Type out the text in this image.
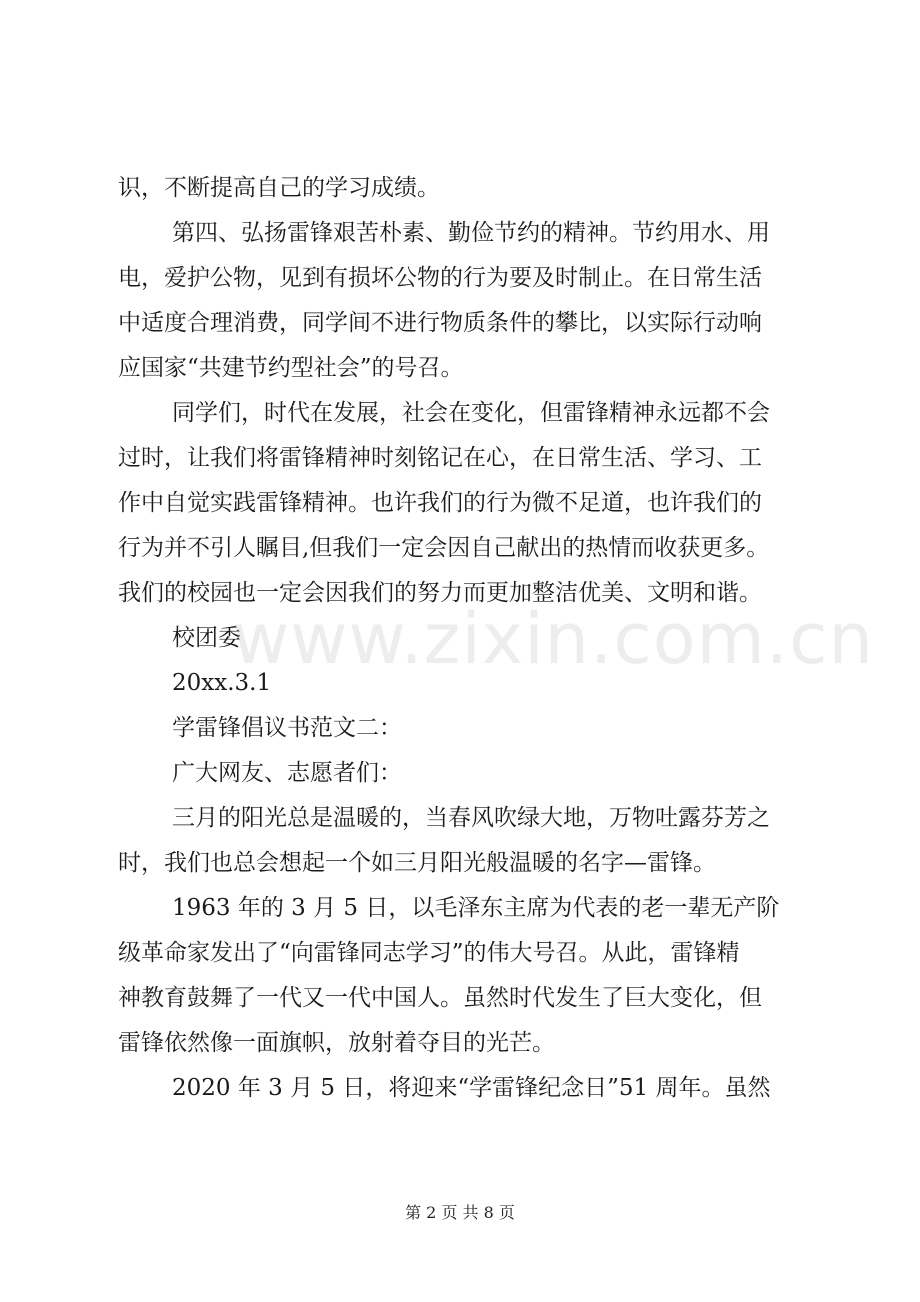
识，不断提高自己的学习成绩。
第四、弘扬雷锋艰苦朴素、勤俭节约的精神。节约用水、用
电，爱护公物，见到有损坏公物的行为要及时制止。在日常生活
中适度合理消费，同学间不进行物质条件的攀比，以实际行动响
应国家“共建节约型社会”的号召。
同学们，时代在发展，社会在变化，但雷锋精神永远都不会
过时，让我们将雷锋精神时刻铭记在心，在日常生活、学习、工
作中自觉实践雷锋精神。也许我们的行为微不足道，也许我们的
行为并不引人瞩目,但我们一定会因自己献出的热情而收获更多。
我们的校园也一定会因我们的努力而更加整洁优美、文明和谐。
校团委
20xx.3.1
学雷锋倡议书范文二：
广大网友、志愿者们：
三月的阳光总是温暖的，当春风吹绿大地，万物吐露芬芳之
时，我们也总会想起一个如三月阳光般温暖的名字—雷锋。
1963 年的 3 月 5 日，以毛泽东主席为代表的老一辈无产阶
级革命家发出了“向雷锋同志学习”的伟大号召。从此，雷锋精
神教育鼓舞了一代又一代中国人。虽然时代发生了巨大变化，但
雷锋依然像一面旗帜，放射着夺目的光芒。
2020 年 3 月 5 日，将迎来“学雷锋纪念日”51 周年。虽然
www.zixin.com.cn
第 2 页 共 8 页
